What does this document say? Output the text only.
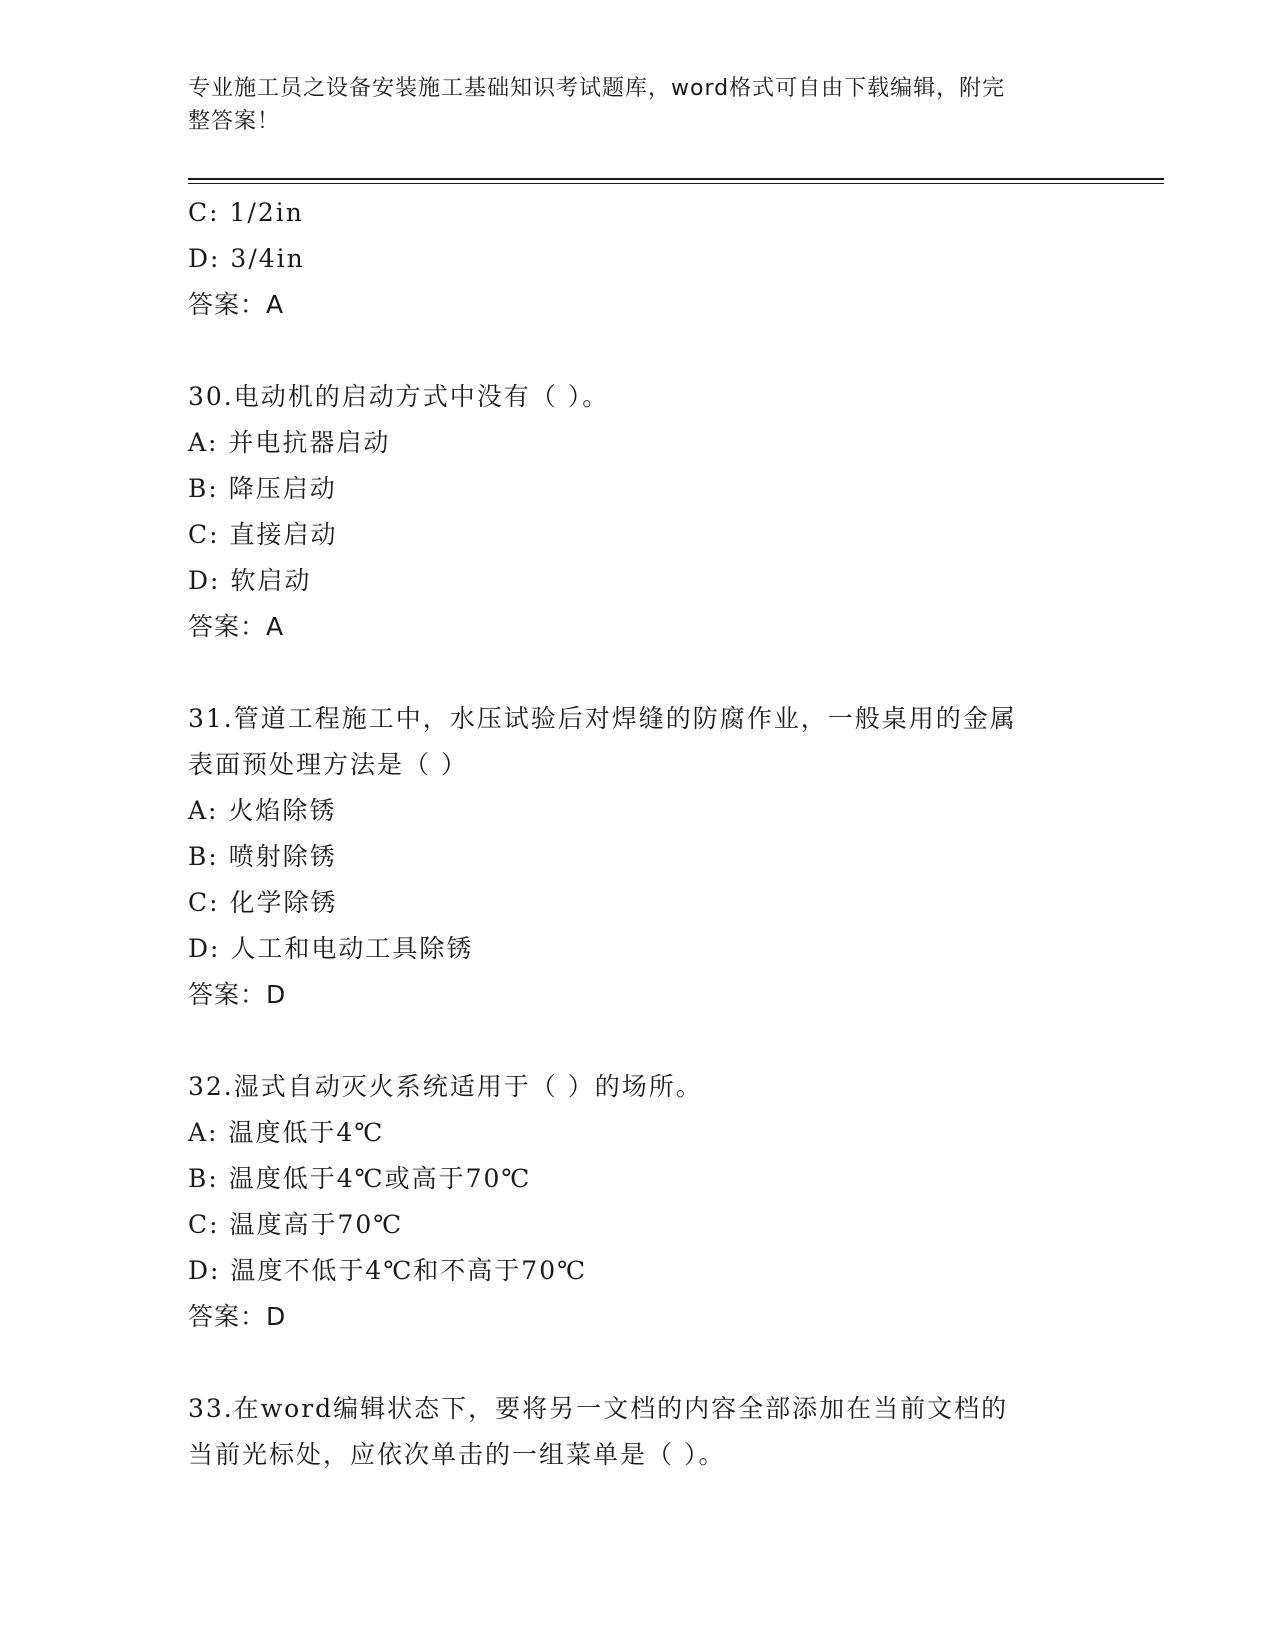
专业施工员之设备安装施工基础知识考试题库，word格式可自由下载编辑，附完
整答案！
C: 1/2in
D: 3/4in
答案：A
30.电动机的启动方式中没有（ ）。
A: 并电抗器启动
B: 降压启动
C: 直接启动
D: 软启动
答案：A
31.管道工程施工中，水压试验后对焊缝的防腐作业，一般桌用的金属
表面预处理方法是（ ）
A: 火焰除锈
B: 喷射除锈
C: 化学除锈
D: 人工和电动工具除锈
答案：D
32.湿式自动灭火系统适用于（ ）的场所。
A: 温度低于4℃
B: 温度低于4℃或高于70℃
C: 温度高于70℃
D: 温度不低于4℃和不高于70℃
答案：D
33.在word编辑状态下，要将另一文档的内容全部添加在当前文档的
当前光标处，应依次单击的一组菜单是（ ）。
